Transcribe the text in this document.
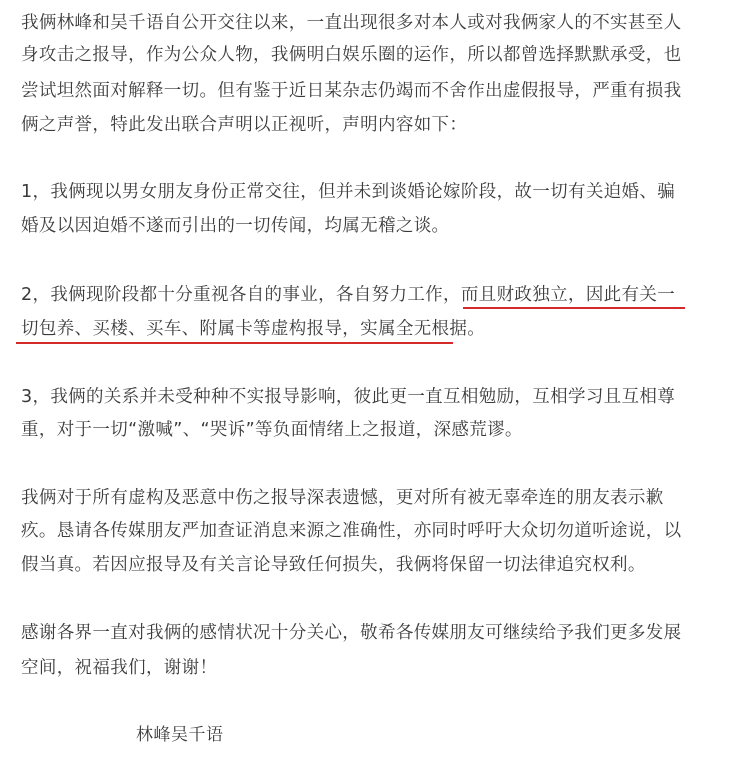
我俩林峰和吴千语自公开交往以来，一直出现很多对本人或对我俩家人的不实甚至人
身攻击之报导，作为公众人物，我俩明白娱乐圈的运作，所以都曾选择默默承受，也
尝试坦然面对解释一切。但有鉴于近日某杂志仍竭而不舍作出虚假报导，严重有损我
俩之声誉，特此发出联合声明以正视听，声明内容如下：
1，我俩现以男女朋友身份正常交往，但并未到谈婚论嫁阶段，故一切有关迫婚、骗
婚及以因迫婚不遂而引出的一切传闻，均属无稽之谈。
2，我俩现阶段都十分重视各自的事业，各自努力工作，而且财政独立，因此有关一
切包养、买楼、买车、附属卡等虚构报导，实属全无根据。
3，我俩的关系并未受种种不实报导影响，彼此更一直互相勉励，互相学习且互相尊
重，对于一切“激喊”、“哭诉”等负面情绪上之报道，深感荒谬。
我俩对于所有虚构及恶意中伤之报导深表遗憾，更对所有被无辜牵连的朋友表示歉
疚。恳请各传媒朋友严加查证消息来源之准确性，亦同时呼吁大众切勿道听途说，以
假当真。若因应报导及有关言论导致任何损失，我俩将保留一切法律追究权利。
感谢各界一直对我俩的感情状况十分关心，敬希各传媒朋友可继续给予我们更多发展
空间，祝福我们，谢谢！
林峰吴千语
